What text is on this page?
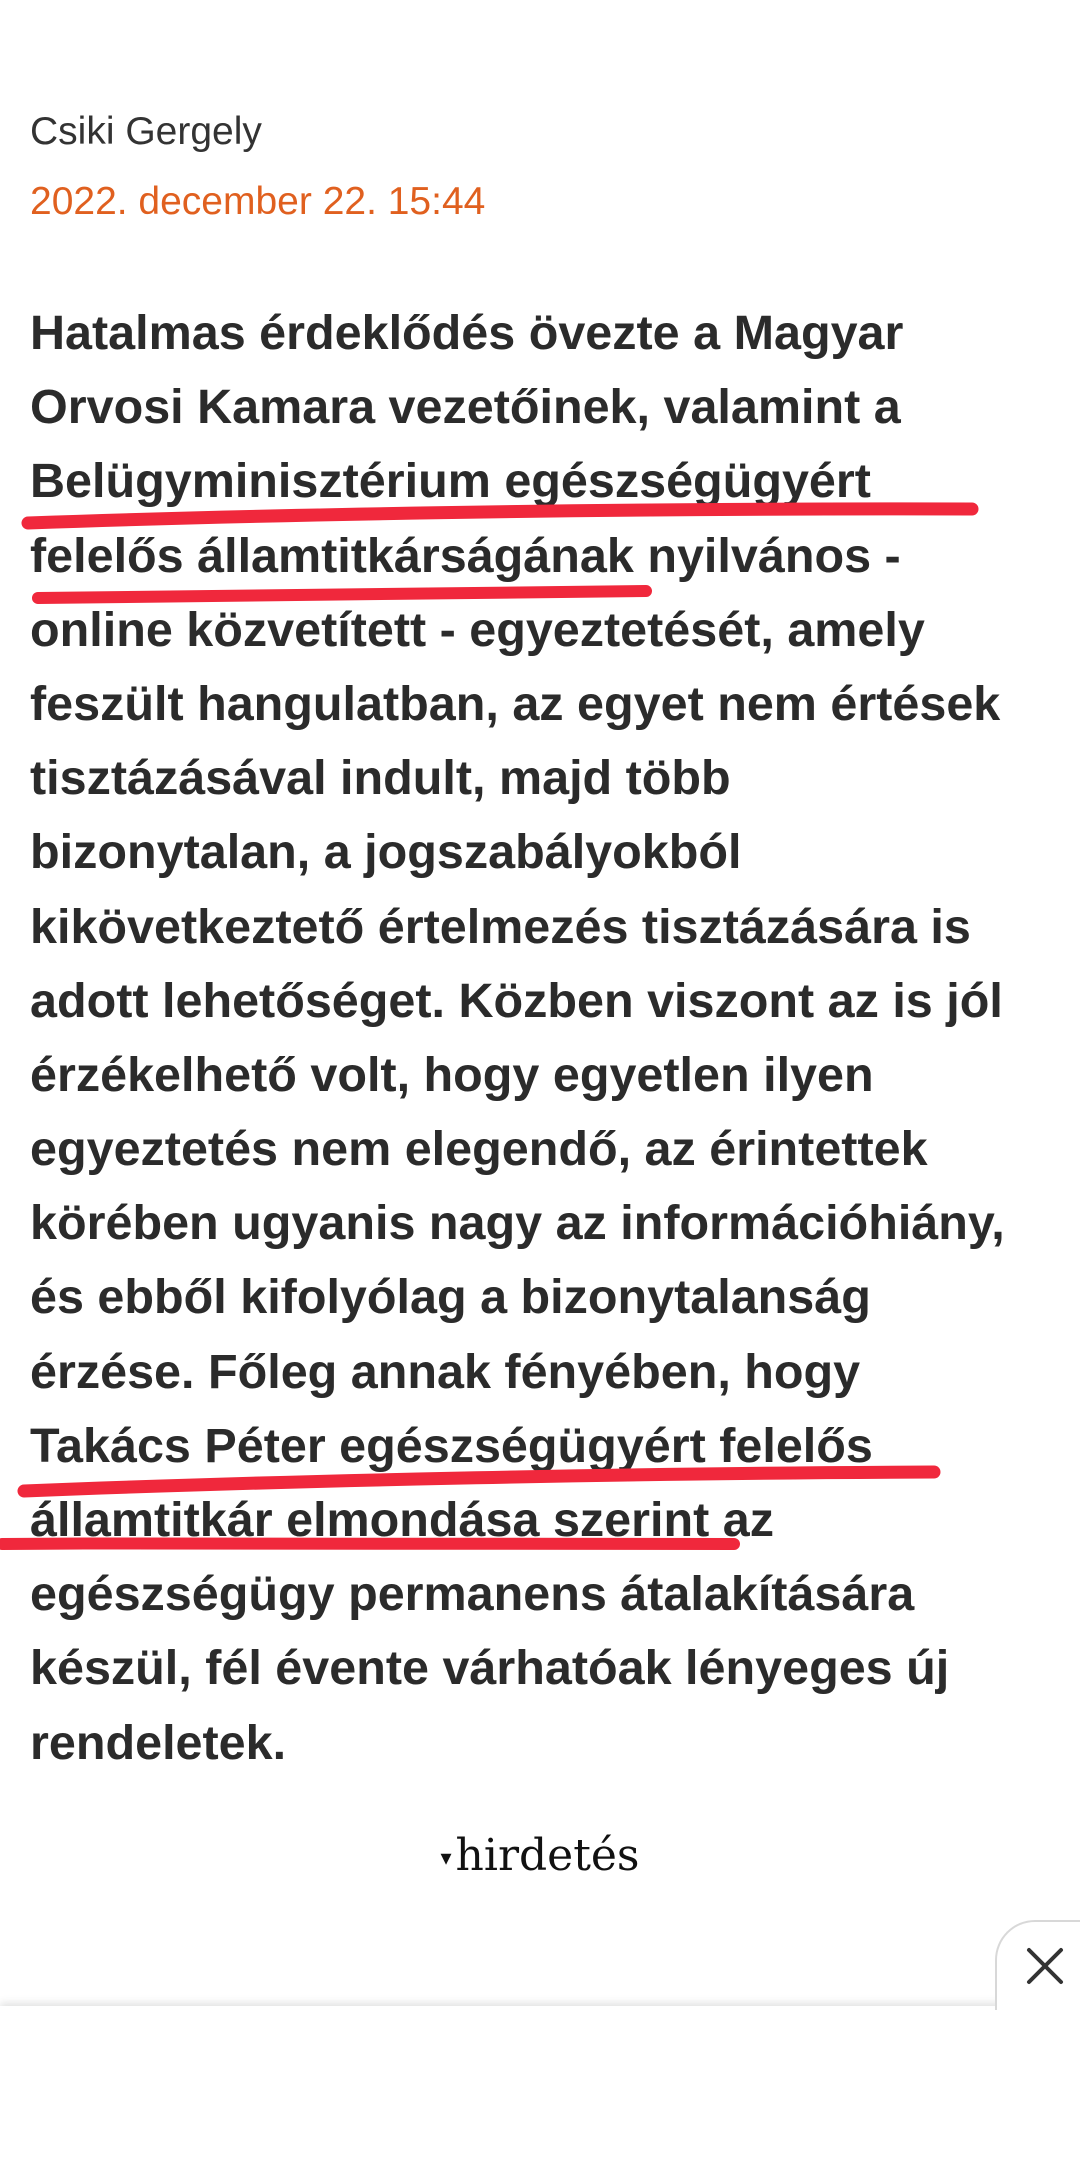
Csiki Gergely
2022. december 22. 15:44
Hatalmas érdeklődés övezte a Magyar
Orvosi Kamara vezetőinek, valamint a
Belügyminisztérium egészségügyért
felelős államtitkárságának nyilvános -
online közvetített - egyeztetését, amely
feszült hangulatban, az egyet nem értések
tisztázásával indult, majd több
bizonytalan, a jogszabályokból
kikövetkeztető értelmezés tisztázására is
adott lehetőséget. Közben viszont az is jól
érzékelhető volt, hogy egyetlen ilyen
egyeztetés nem elegendő, az érintettek
körében ugyanis nagy az információhiány,
és ebből kifolyólag a bizonytalanság
érzése. Főleg annak fényében, hogy
Takács Péter egészségügyért felelős
államtitkár elmondása szerint az
egészségügy permanens átalakítására
készül, fél évente várhatóak lényeges új
rendeletek.
▾hirdetés
